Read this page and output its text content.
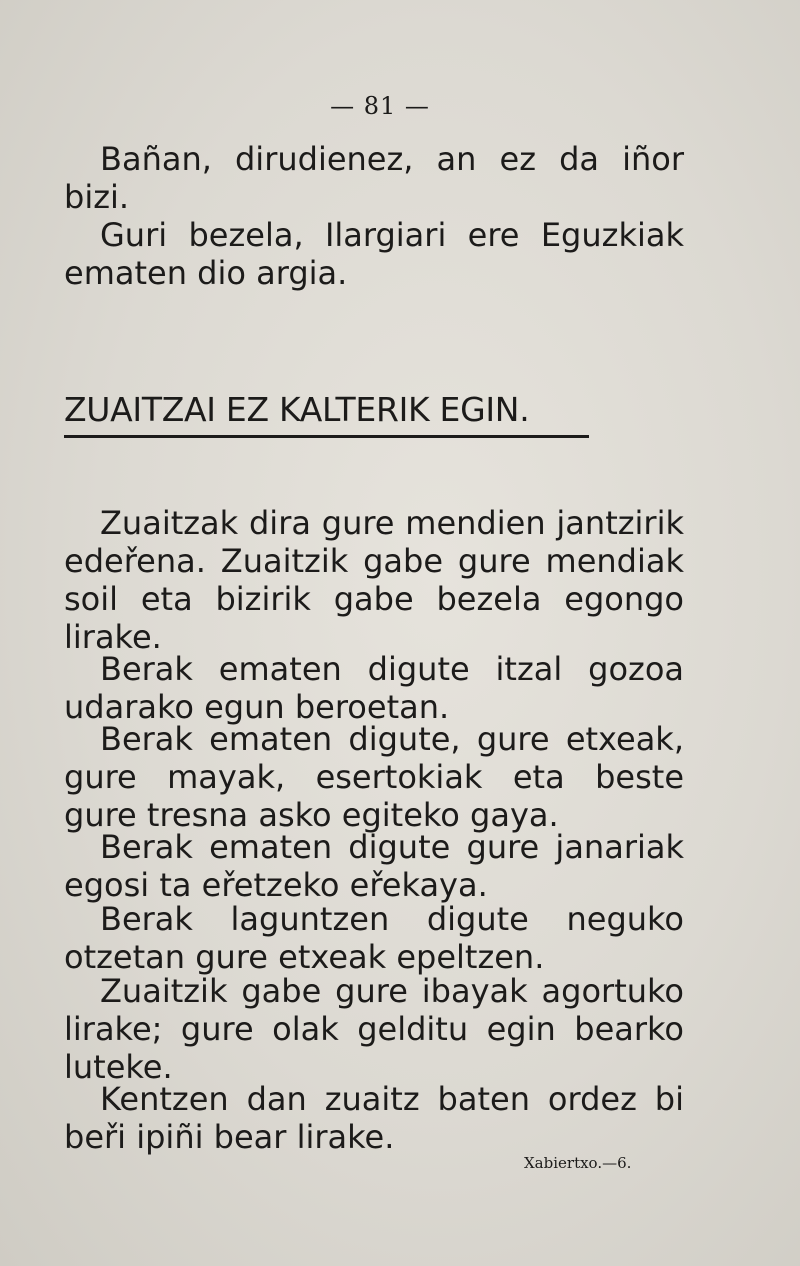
— 81 —

Bañan, dirudienez, an ez da iñor bizi.

Guri bezela, Ilargiari ere Eguzkiak ematen dio argia.

ZUAITZAI EZ KALTERIK EGIN.

Zuaitzak dira gure mendien jantzirik edeřena. Zuaitzik gabe gure mendiak soil eta bizirik gabe bezela egongo lirake.

Berak ematen digute itzal gozoa udarako egun beroetan.

Berak ematen digute, gure etxeak, gure mayak, esertokiak eta beste gure tresna asko egiteko gaya.

Berak ematen digute gure janariak egosi ta eřetzeko eřekaya.

Berak laguntzen digute neguko otzetan gure etxeak epeltzen.

Zuaitzik gabe gure ibayak agortuko lirake; gure olak gelditu egin bearko luteke.

Kentzen dan zuaitz baten ordez bi beři ipiñi bear lirake.

Xabiertxo.—6.
